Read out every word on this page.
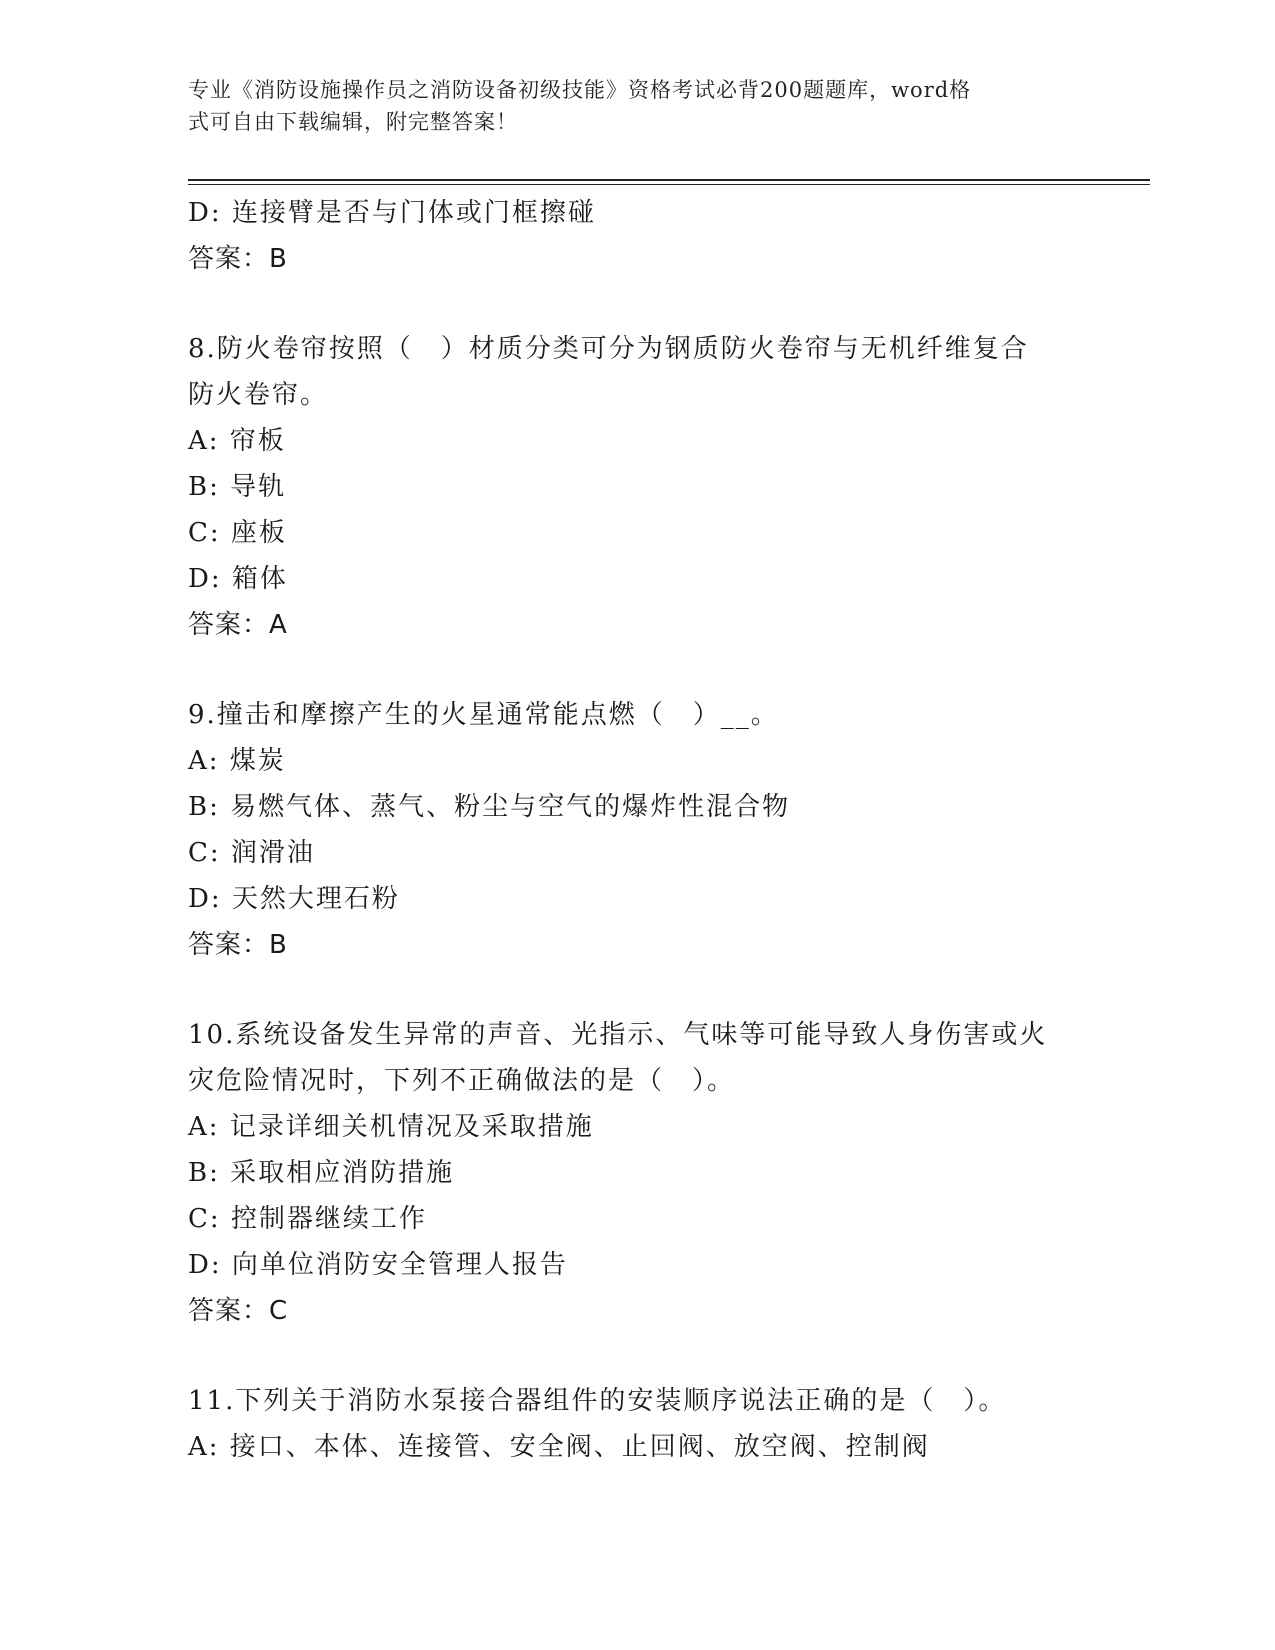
专业《消防设施操作员之消防设备初级技能》资格考试必背200题题库，word格
式可自由下载编辑，附完整答案！
D: 连接臂是否与门体或门框擦碰
答案：B
8.防火卷帘按照（　）材质分类可分为钢质防火卷帘与无机纤维复合
防火卷帘。
A: 帘板
B: 导轨
C: 座板
D: 箱体
答案：A
9.撞击和摩擦产生的火星通常能点燃（　）__。
A: 煤炭
B: 易燃气体、蒸气、粉尘与空气的爆炸性混合物
C: 润滑油
D: 天然大理石粉
答案：B
10.系统设备发生异常的声音、光指示、气味等可能导致人身伤害或火
灾危险情况时，下列不正确做法的是（　）。
A: 记录详细关机情况及采取措施
B: 采取相应消防措施
C: 控制器继续工作
D: 向单位消防安全管理人报告
答案：C
11.下列关于消防水泵接合器组件的安装顺序说法正确的是（　）。
A: 接口、本体、连接管、安全阀、止回阀、放空阀、控制阀
